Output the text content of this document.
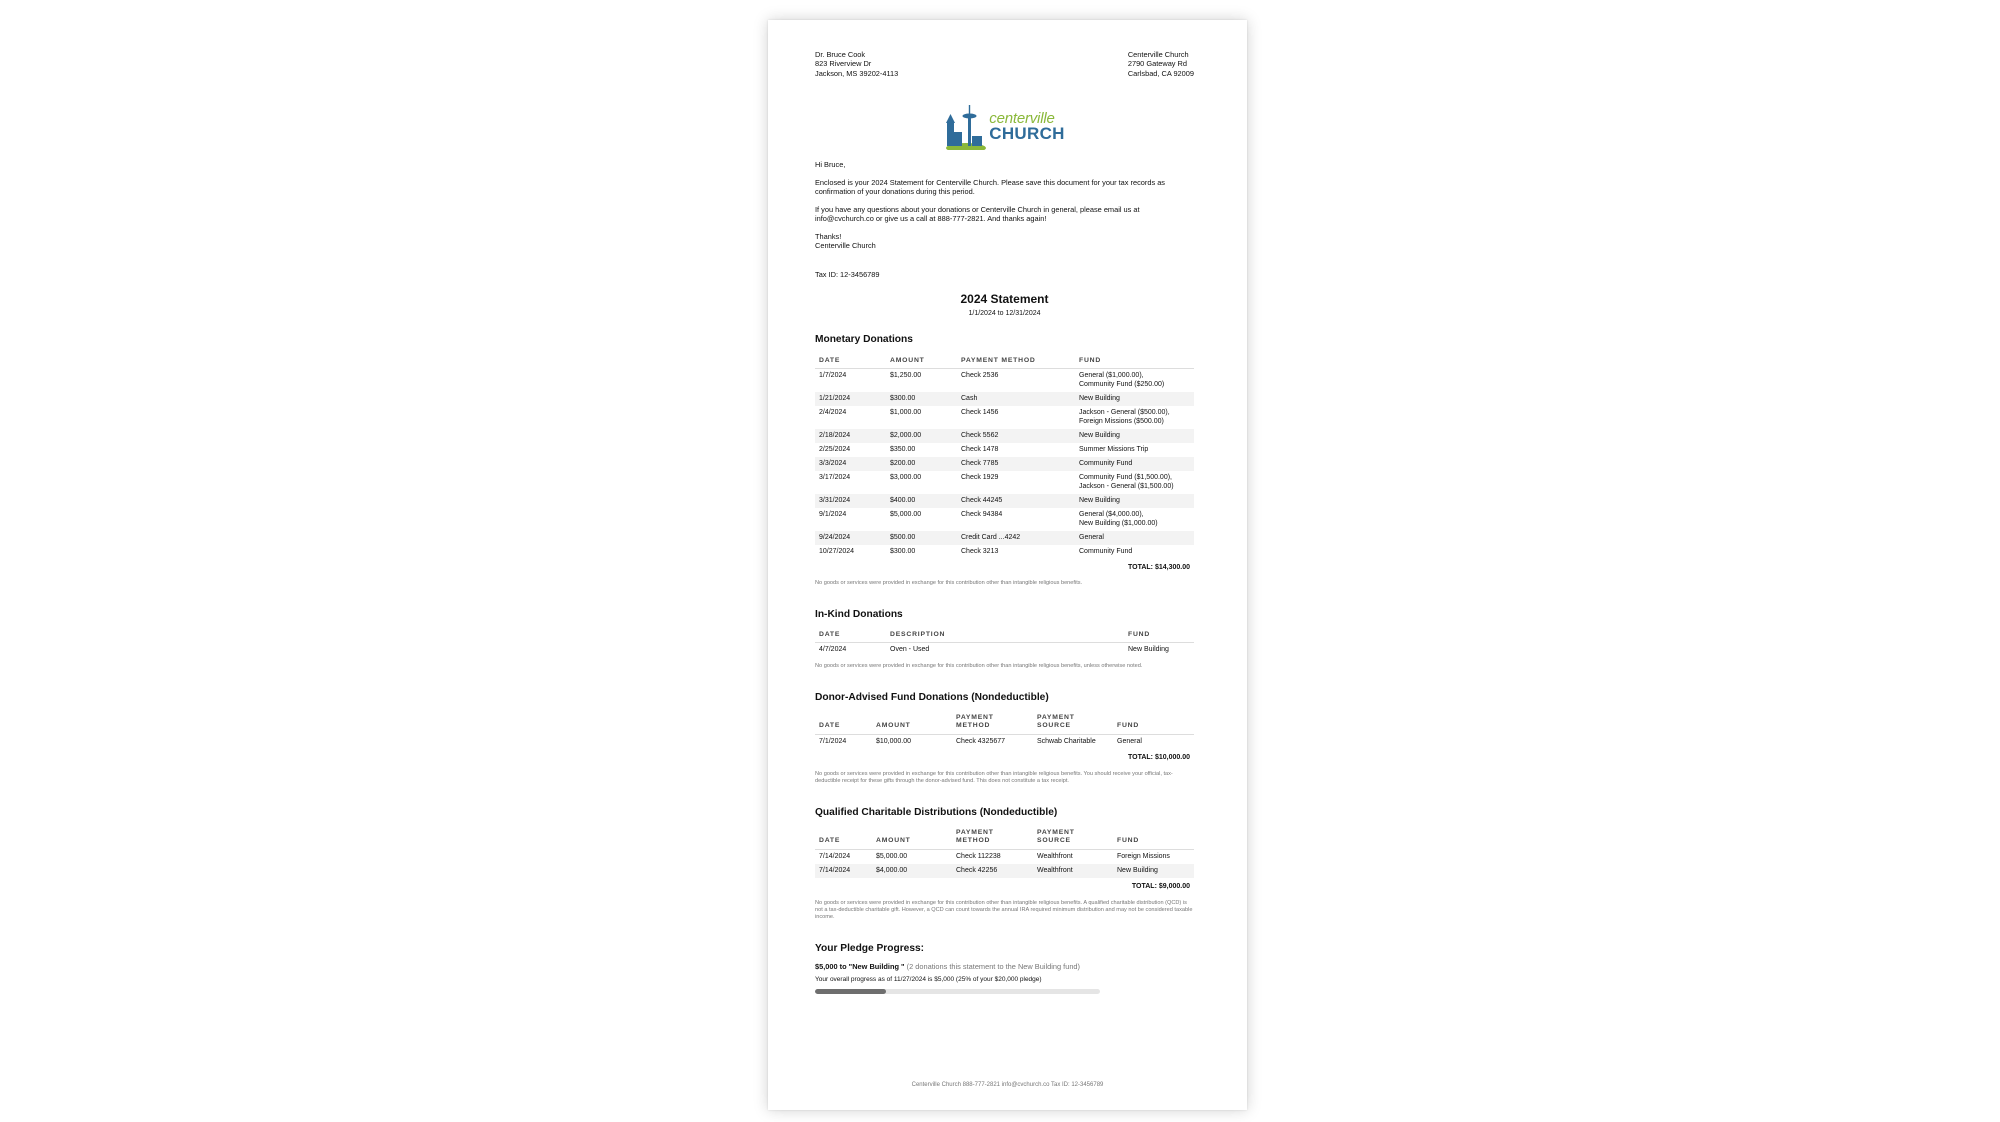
Dr. Bruce Cook
823 Riverview Dr
Jackson, MS 39202-4113
Centerville Church
2790 Gateway Rd
Carlsbad, CA 92009
centerville
CHURCH

Hi Bruce,

Enclosed is your 2024 Statement for Centerville Church. Please save this document for your tax records as confirmation of your donations during this period.

If you have any questions about your donations or Centerville Church in general, please email us at info@cvchurch.co or give us a call at 888-777-2821. And thanks again!

Thanks!

Centerville Church

Tax ID: 12-3456789

2024 Statement
1/1/2024 to 12/31/2024
Monetary Donations
DATE	AMOUNT	PAYMENT METHOD	FUND
1/7/2024	$1,250.00	Check 2536	General ($1,000.00),
Community Fund ($250.00)
1/21/2024	$300.00	Cash	New Building
2/4/2024	$1,000.00	Check 1456	Jackson - General ($500.00),
Foreign Missions ($500.00)
2/18/2024	$2,000.00	Check 5562	New Building
2/25/2024	$350.00	Check 1478	Summer Missions Trip
3/3/2024	$200.00	Check 7785	Community Fund
3/17/2024	$3,000.00	Check 1929	Community Fund ($1,500.00),
Jackson - General ($1,500.00)
3/31/2024	$400.00	Check 44245	New Building
9/1/2024	$5,000.00	Check 94384	General ($4,000.00),
New Building ($1,000.00)
9/24/2024	$500.00	Credit Card ...4242	General
10/27/2024	$300.00	Check 3213	Community Fund
TOTAL: $14,300.00			
No goods or services were provided in exchange for this contribution other than intangible religious benefits.
In-Kind Donations
DATE	DESCRIPTION	FUND
4/7/2024	Oven - Used	New Building
No goods or services were provided in exchange for this contribution other than intangible religious benefits, unless otherwise noted.
Donor-Advised Fund Donations (Nondeductible)
DATE	AMOUNT	PAYMENT METHOD	PAYMENT SOURCE	FUND
7/1/2024	$10,000.00	Check 4325677	Schwab Charitable	General
TOTAL: $10,000.00				
No goods or services were provided in exchange for this contribution other than intangible religious benefits. You should receive your official, tax-deductible receipt for these gifts through the donor-advised fund. This does not constitute a tax receipt.
Qualified Charitable Distributions (Nondeductible)
DATE	AMOUNT	PAYMENT METHOD	PAYMENT SOURCE	FUND
7/14/2024	$5,000.00	Check 112238	Wealthfront	Foreign Missions
7/14/2024	$4,000.00	Check 42256	Wealthfront	New Building
TOTAL: $9,000.00				
No goods or services were provided in exchange for this contribution other than intangible religious benefits. A qualified charitable distribution (QCD) is not a tax-deductible charitable gift. However, a QCD can count towards the annual IRA required minimum distribution and may not be considered taxable income.
Your Pledge Progress:
$5,000 to "New Building " (2 donations this statement to the New Building fund)
Your overall progress as of 11/27/2024 is $5,000 (25% of your $20,000 pledge)
Centerville Church 888-777-2821 info@cvchurch.co Tax ID: 12-3456789
